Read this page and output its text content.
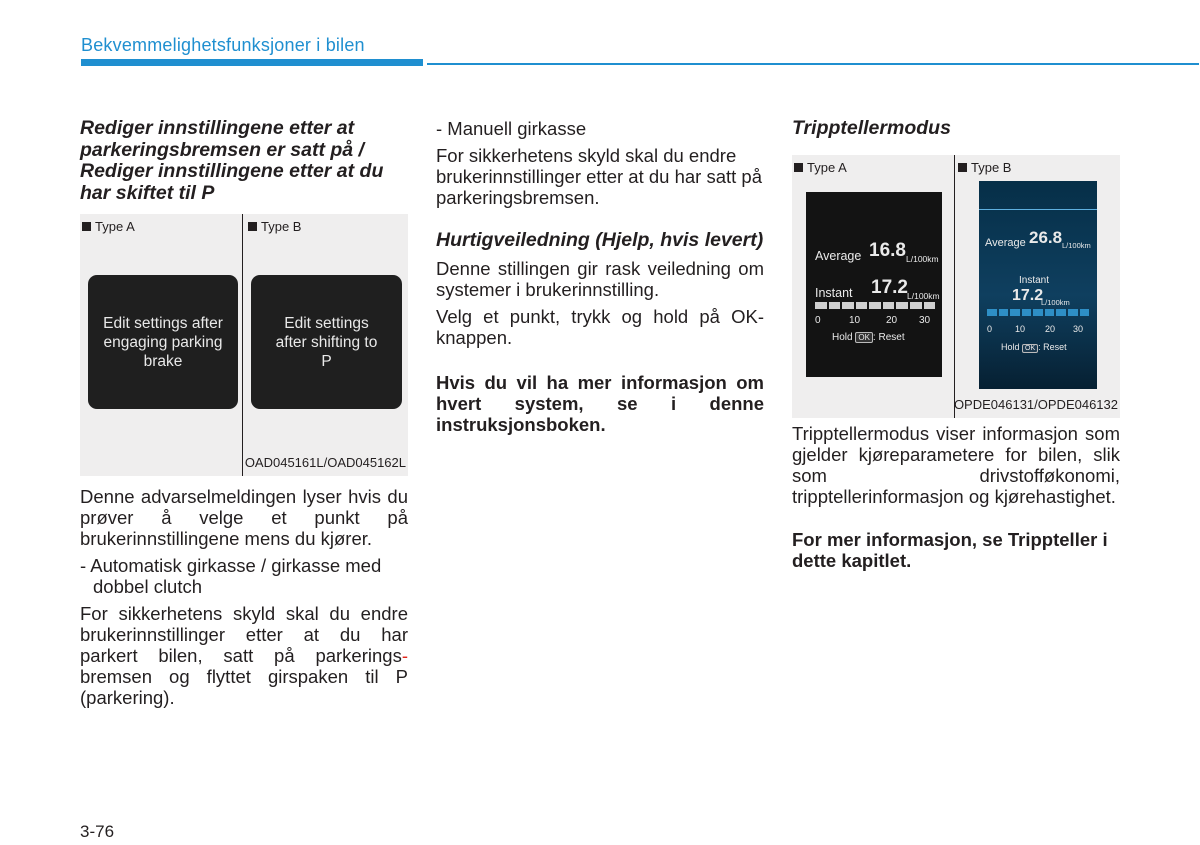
Bekvemmelighetsfunksjoner i bilen
Rediger innstillingene etter at parkeringsbremsen er satt på / Rediger innstillingene etter at du har skiftet til P
Type A	Type B
Edit settings after engaging parking brake
Edit settings after shifting to P
OAD045161L/OAD045162L
Denne advarselmeldingen lyser hvis du prøver å velge et punkt på brukerinnstillingene mens du kjører.
- Automatisk girkasse / girkasse med dobbel clutch
For sikkerhetens skyld skal du endre brukerinnstillinger etter at du har parkert bilen, satt på parkerings-bremsen og flyttet girspaken til P (parkering).
- Manuell girkasse
For sikkerhetens skyld skal du endre brukerinnstillinger etter at du har satt på parkeringsbremsen.
Hurtigveiledning (Hjelp, hvis levert)
Denne stillingen gir rask veiledning om systemer i brukerinnstilling.
Velg et punkt, trykk og hold på OK-knappen.
Hvis du vil ha mer informasjon om hvert system, se i denne instruksjonsboken.
Tripptellermodus
Type A	Type B
Average 16.8 L/100km
Instant 17.2 L/100km
0	10	20 30
Hold OK : Reset
Average 26.8 L/100km
Instant
17.2
L/100km
0	10 20 30
Hold OK : Reset
OPDE046131/OPDE046132
Tripptellermodus viser informasjon som gjelder kjøreparametere for bilen, slik som drivstofføkonomi, tripptellerinformasjon og kjørehastighet.
For mer informasjon, se Trippteller i dette kapitlet.
3-76
